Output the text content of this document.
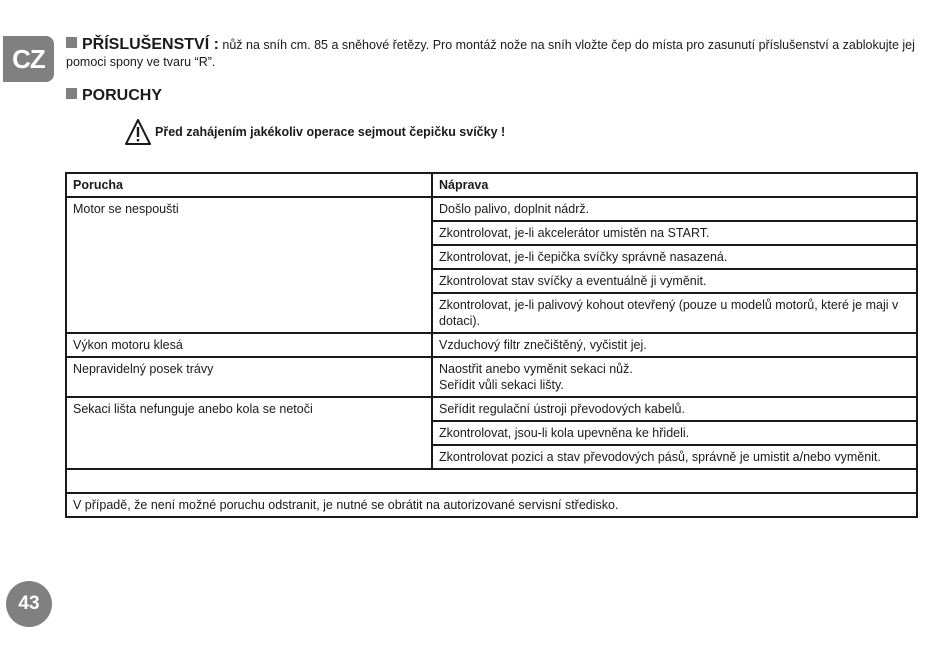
CZ	PŘÍSLUŠENSTVÍ : nůž na sníh cm. 85 a sněhové řetězy. Pro montáž nože na sníh vložte čep do místa pro zasunutí příslušenství a zablokujte jej pomoci spony ve tvaru “R”.
PORUCHY
Před zahájením jakékoliv operace sejmout čepičku svíčky !
Porucha	Náprava
Motor se nespoušti	Došlo palivo, doplnit nádrž.
	Zkontrolovat, je-li akcelerátor umistěn na START.
	Zkontrolovat, je-li čepička svíčky správně nasazená.
	Zkontrolovat stav svíčky a eventuálně ji vyměnit.
	Zkontrolovat, je-li palivový kohout otevřený (pouze u modelů motorů, které je maji v dotaci).
Výkon motoru klesá	Vzduchový filtr znečištěný, vyčistit jej.
Nepravidelný posek trávy	Naostřit anebo vyměnit sekaci nůž.
Seřídit vůli sekaci lišty.
Sekaci lišta nefunguje anebo kola se netoči	Seřídit regulační ústroji převodových kabelů.
	Zkontrolovat, jsou-li kola upevněna ke hřideli.
	Zkontrolovat pozici a stav převodových pásů, správně je umistit a/nebo vyměnit.

V případě, že není možné poruchu odstranit, je nutné se obrátit na autorizované servisní středisko.	
43
